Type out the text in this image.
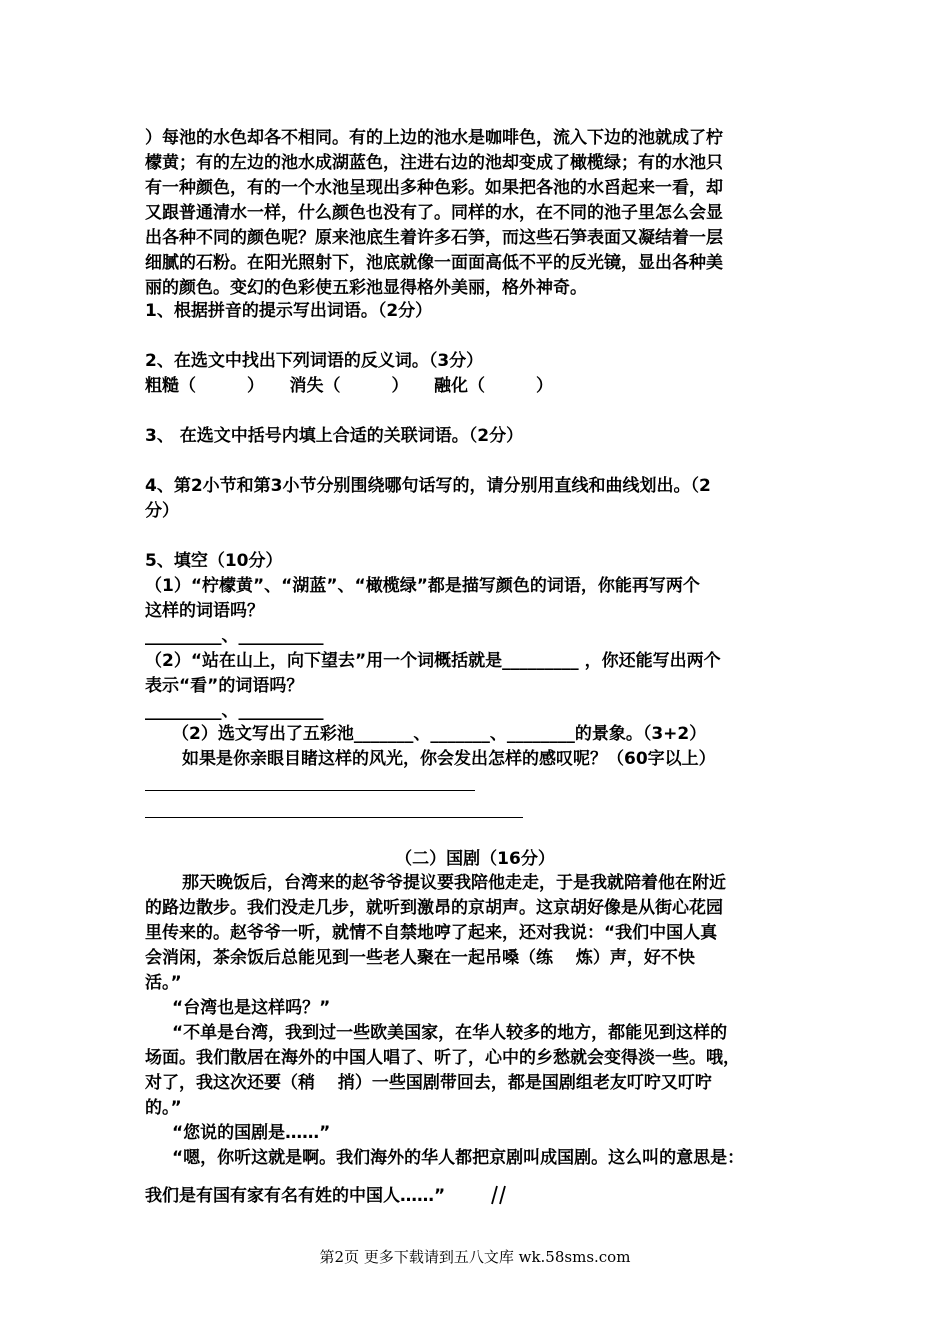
）每池的水色却各不相同。有的上边的池水是咖啡色，流入下边的池就成了柠
檬黄；有的左边的池水成湖蓝色，注进右边的池却变成了橄榄绿；有的水池只
有一种颜色，有的一个水池呈现出多种色彩。如果把各池的水舀起来一看，却
又跟普通清水一样，什么颜色也没有了。同样的水，在不同的池子里怎么会显
出各种不同的颜色呢？原来池底生着许多石笋，而这些石笋表面又凝结着一层
细腻的石粉。在阳光照射下，池底就像一面面高低不平的反光镜，显出各种美
丽的颜色。变幻的色彩使五彩池显得格外美丽，格外神奇。
1、根据拼音的提示写出词语。（2分）
2、在选文中找出下列词语的反义词。（3分）
粗糙（　　　）　　消失（　　　）　　融化（　　　）
3、 在选文中括号内填上合适的关联词语。（2分）
4、第2小节和第3小节分别围绕哪句话写的，请分别用直线和曲线划出。（2
分）
5、填空（10分）
（1）“柠檬黄”、“湖蓝”、“橄榄绿”都是描写颜色的词语，你能再写两个
这样的词语吗？
_________、__________
（2）“站在山上，向下望去”用一个词概括就是_________ ，你还能写出两个
表示“看”的词语吗？
_________、__________
（2）选文写出了五彩池_______、_______、________的景象。（3+2）
如果是你亲眼目睹这样的风光，你会发出怎样的感叹呢？（60字以上）
（二）国剧（16分）
那天晚饭后，台湾来的赵爷爷提议要我陪他走走，于是我就陪着他在附近
的路边散步。我们没走几步，就听到激昂的京胡声。这京胡好像是从街心花园
里传来的。赵爷爷一听，就情不自禁地哼了起来，还对我说：“我们中国人真
会消闲，茶余饭后总能见到一些老人聚在一起吊嗓（练　 炼）声，好不快
活。”
“台湾也是这样吗？”
“不单是台湾，我到过一些欧美国家，在华人较多的地方，都能见到这样的
场面。我们散居在海外的中国人唱了、听了，心中的乡愁就会变得淡一些。哦，
对了，我这次还要（稍　 捎）一些国剧带回去，都是国剧组老友叮咛又叮咛
的。”
“您说的国剧是……”
“嗯，你听这就是啊。我们海外的华人都把京剧叫成国剧。这么叫的意思是：
我们是有国有家有名有姓的中国人……”
第2页 更多下载请到五八文库 wk.58sms.com
